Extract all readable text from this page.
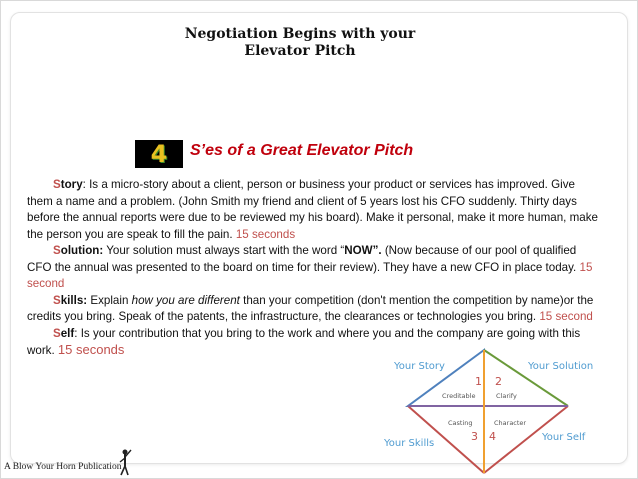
Negotiation Begins with your
Elevator Pitch
4 S’es of a Great Elevator Pitch

Story: Is a micro-story about a client, person or business your product or services has improved. Give them a name and a problem. (John Smith my friend and client of 5 years lost his CFO suddenly. Thirty days before the annual reports were due to be reviewed my his board). Make it personal, make it more human, make the person you are speak to fill the pain. 15 seconds

Solution: Your solution must always start with the word “NOW”. (Now because of our pool of qualified CFO the annual was presented to the board on time for their review). They have a new CFO in place today. 15 second

Skills: Explain how you are different than your competition (don't mention the competition by name)or the credits you bring. Speak of the patents, the infrastructure, the clearances or technologies you bring. 15 second

Self: Is your contribution that you bring to the work and where you and the company are going with this work. 15 seconds

Your Story	Your Solution
Your Skills
Your Self
1 2
3 4
Creditable	Clarify
Casting	Character
A Blow Your Horn Publication
